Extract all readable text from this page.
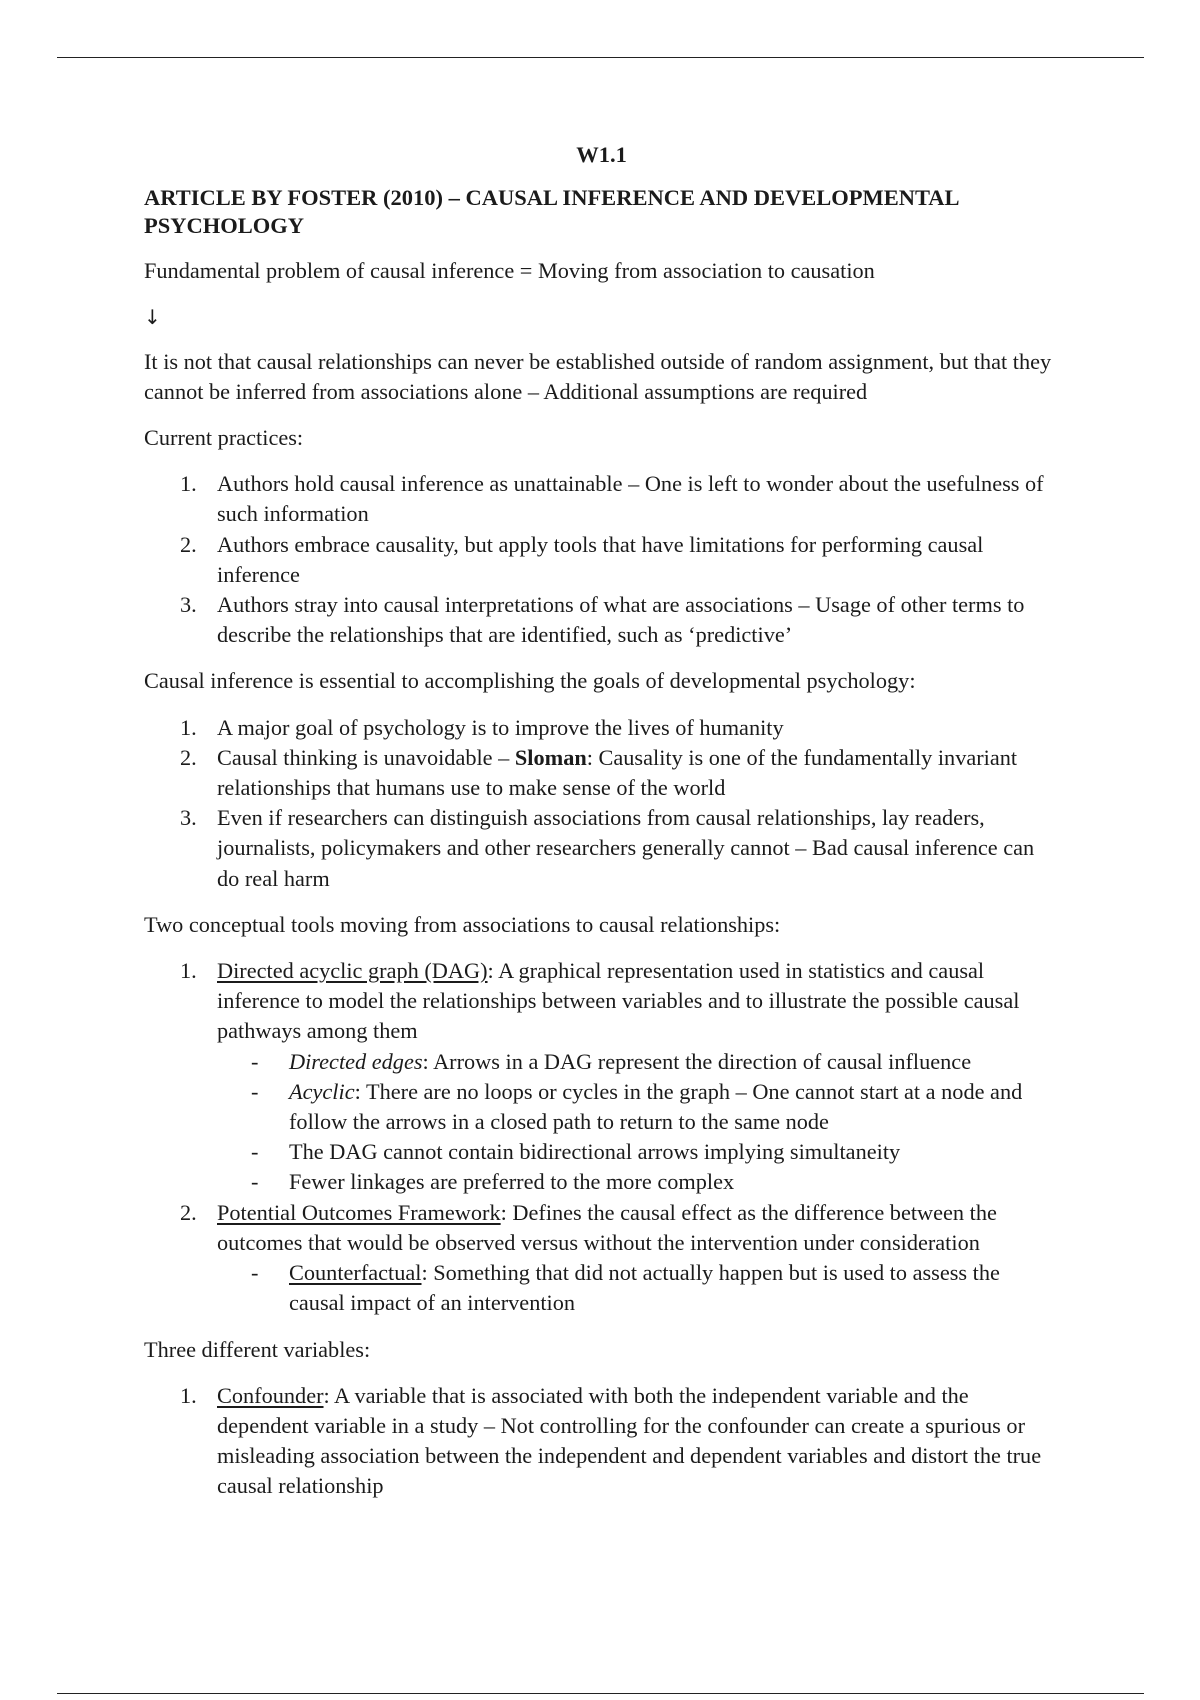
W1.1

ARTICLE BY FOSTER (2010) – CAUSAL INFERENCE AND DEVELOPMENTAL PSYCHOLOGY

Fundamental problem of causal inference = Moving from association to causation

↓

It is not that causal relationships can never be established outside of random assignment, but that they cannot be inferred from associations alone – Additional assumptions are required

Current practices:

1. Authors hold causal inference as unattainable – One is left to wonder about the usefulness of such information
2. Authors embrace causality, but apply tools that have limitations for performing causal inference
3. Authors stray into causal interpretations of what are associations – Usage of other terms to describe the relationships that are identified, such as ‘predictive’

Causal inference is essential to accomplishing the goals of developmental psychology:

1. A major goal of psychology is to improve the lives of humanity
2. Causal thinking is unavoidable – Sloman: Causality is one of the fundamentally invariant relationships that humans use to make sense of the world
3. Even if researchers can distinguish associations from causal relationships, lay readers, journalists, policymakers and other researchers generally cannot – Bad causal inference can do real harm

Two conceptual tools moving from associations to causal relationships:

1. Directed acyclic graph (DAG): A graphical representation used in statistics and causal inference to model the relationships between variables and to illustrate the possible causal pathways among them
- Directed edges: Arrows in a DAG represent the direction of causal influence
- Acyclic: There are no loops or cycles in the graph – One cannot start at a node and follow the arrows in a closed path to return to the same node
- The DAG cannot contain bidirectional arrows implying simultaneity
- Fewer linkages are preferred to the more complex
2. Potential Outcomes Framework: Defines the causal effect as the difference between the outcomes that would be observed versus without the intervention under consideration
- Counterfactual: Something that did not actually happen but is used to assess the causal impact of an intervention

Three different variables:

1. Confounder: A variable that is associated with both the independent variable and the dependent variable in a study – Not controlling for the confounder can create a spurious or misleading association between the independent and dependent variables and distort the true causal relationship
